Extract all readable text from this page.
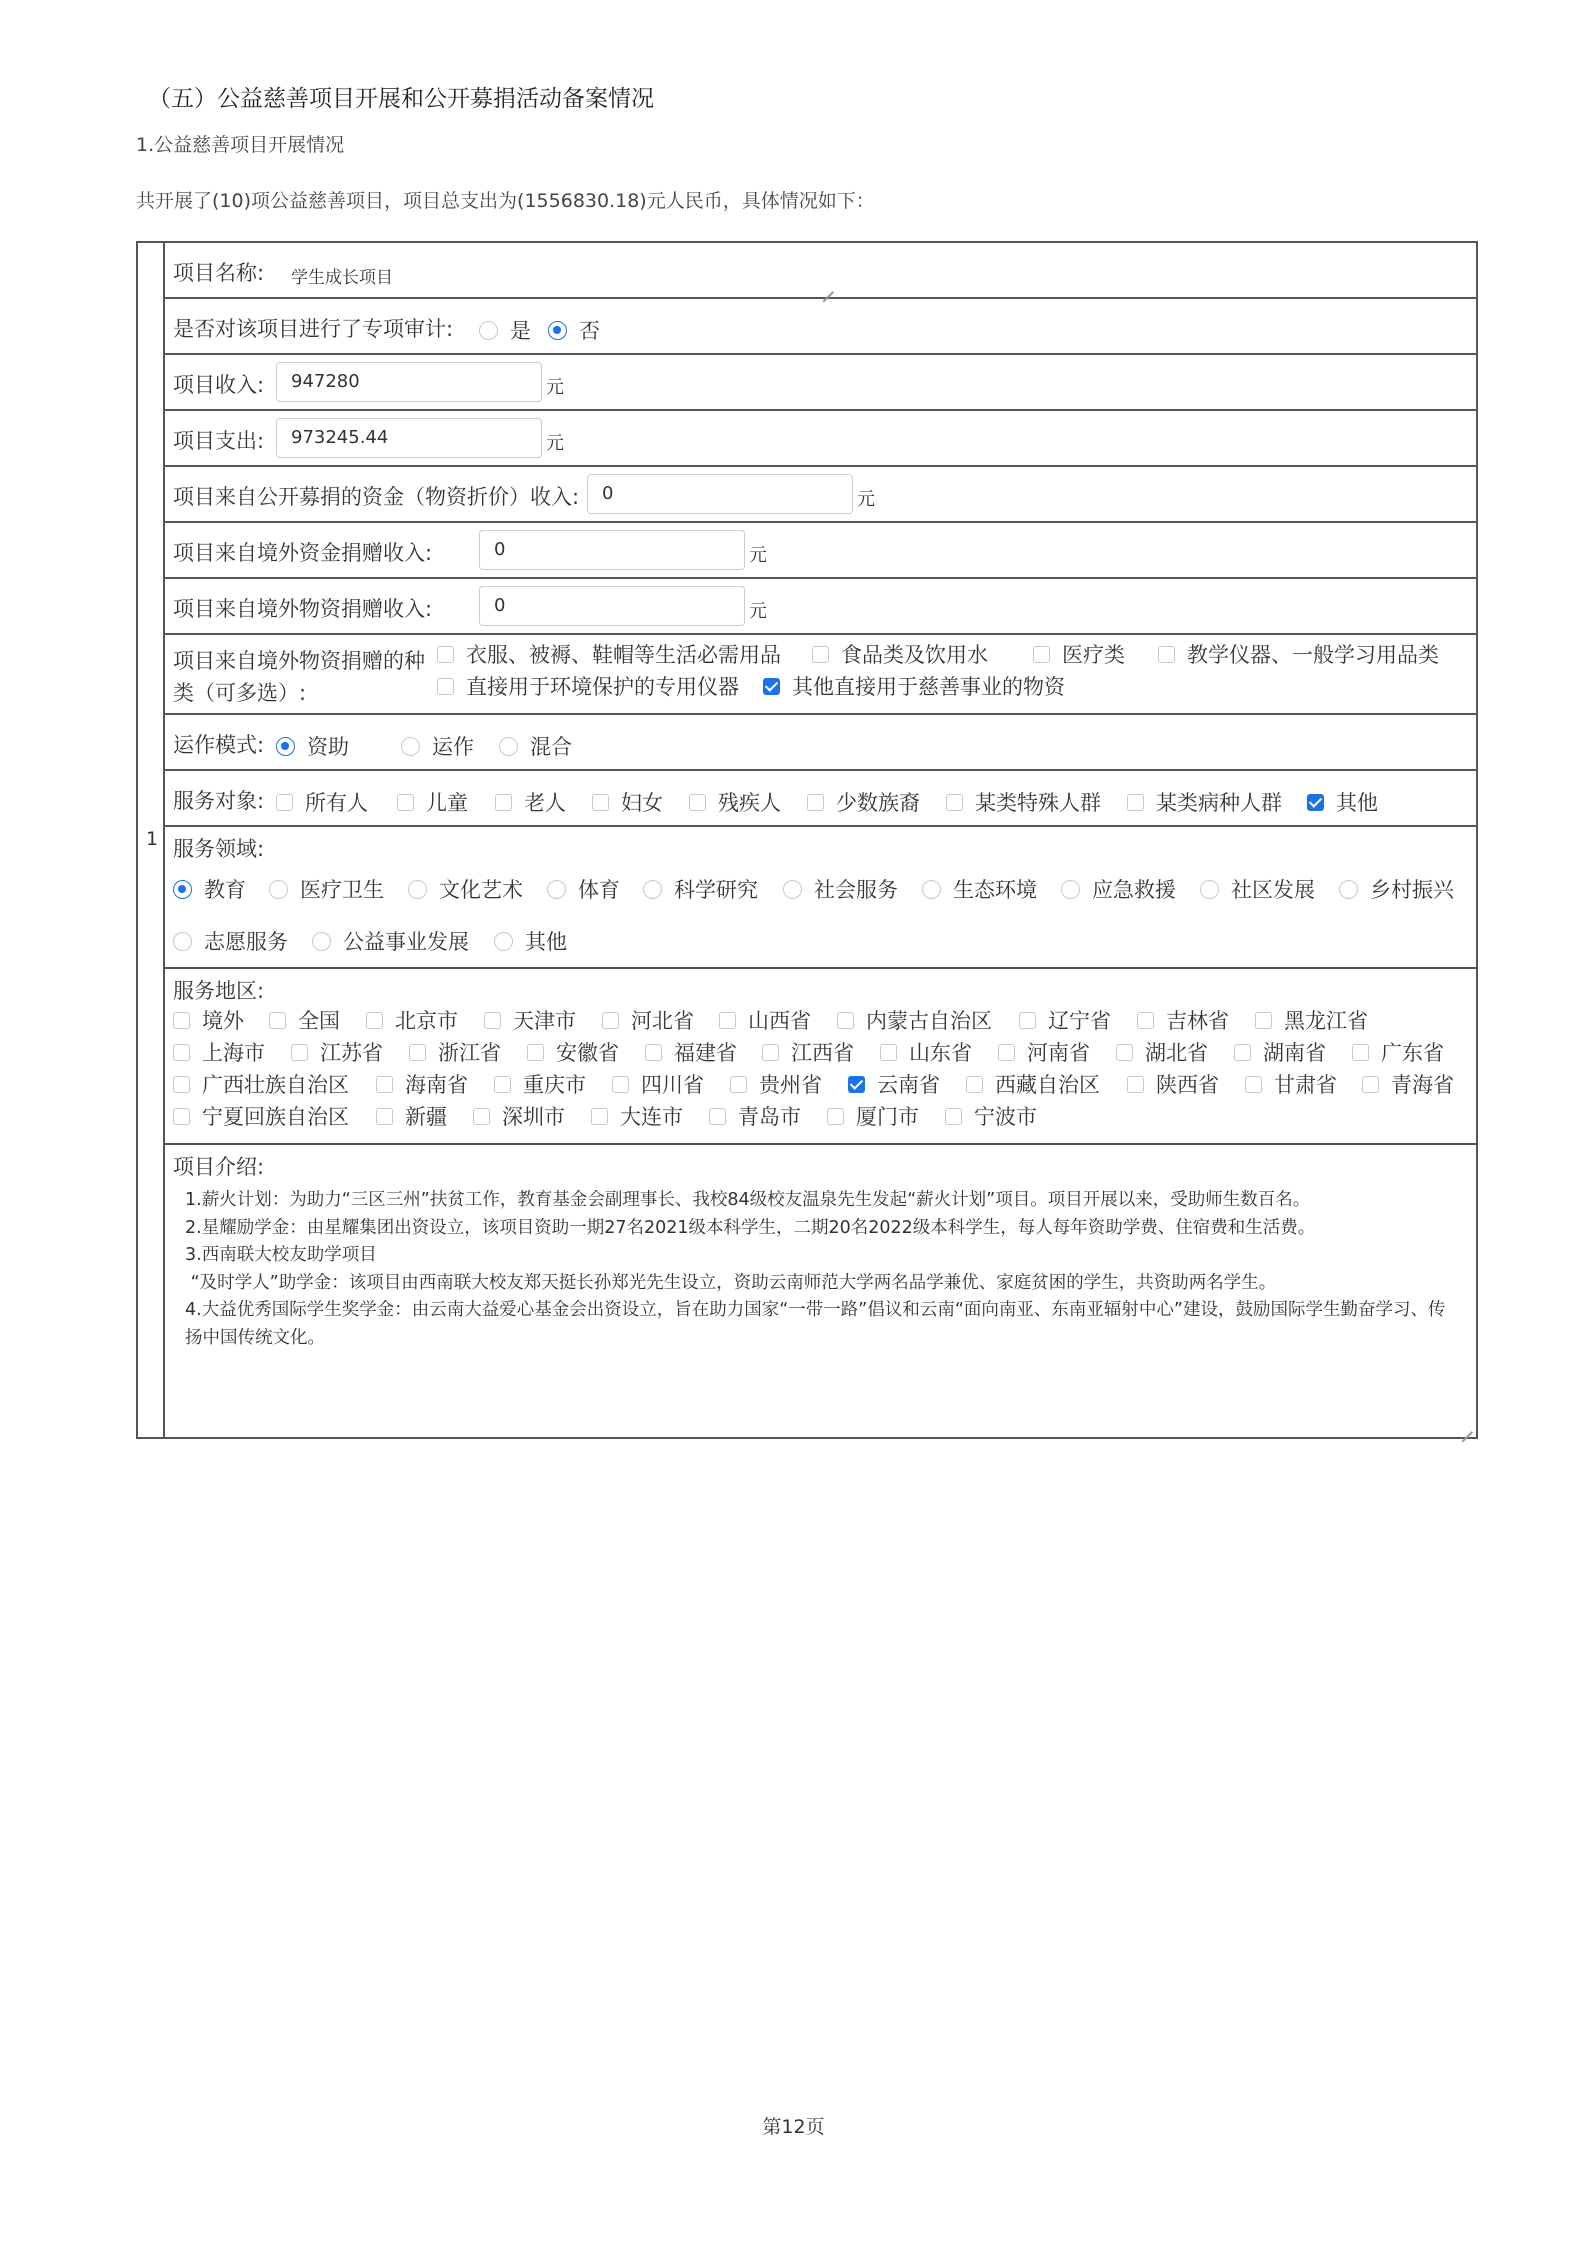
（五）公益慈善项目开展和公开募捐活动备案情况
1.公益慈善项目开展情况
共开展了(10)项公益慈善项目，项目总支出为(1556830.18)元人民币，具体情况如下：
1
项目名称: 学生成长项目
是否对该项目进行了专项审计:	是 否
项目收入:	947280	元
项目支出:	973245.44	元
项目来自公开募捐的资金（物资折价）收入:	0	元
项目来自境外资金捐赠收入:	0	元
项目来自境外物资捐赠收入:	0	元
项目来自境外物资捐赠的种
类（可多选）:
衣服、被褥、鞋帽等生活必需用品	食品类及饮用水	医疗类	教学仪器、一般学习用品类
直接用于环境保护的专用仪器	其他直接用于慈善事业的物资
运作模式: 资助	运作	混合
服务对象: 所有人	儿童	老人	妇女	残疾人	少数族裔	某类特殊人群	某类病种人群	其他
服务领域:
教育	医疗卫生	文化艺术	体育	科学研究	社会服务	生态环境	应急救援	社区发展	乡村振兴
志愿服务	公益事业发展	其他
服务地区:
境外	全国	北京市	天津市	河北省	山西省	内蒙古自治区	辽宁省	吉林省	黑龙江省
上海市	江苏省	浙江省	安徽省	福建省	江西省	山东省	河南省	湖北省	湖南省	广东省
广西壮族自治区	海南省	重庆市	四川省	贵州省	云南省	西藏自治区	陕西省	甘肃省	青海省
宁夏回族自治区	新疆	深圳市	大连市	青岛市	厦门市	宁波市
项目介绍:
1.薪火计划：为助力“三区三州”扶贫工作，教育基金会副理事长、我校84级校友温泉先生发起“薪火计划”项目。项目开展以来，受助师生数百名。
2.星耀励学金：由星耀集团出资设立，该项目资助一期27名2021级本科学生，二期20名2022级本科学生，每人每年资助学费、住宿费和生活费。
3.西南联大校友助学项目
“及时学人”助学金：该项目由西南联大校友郑天挺长孙郑光先生设立，资助云南师范大学两名品学兼优、家庭贫困的学生，共资助两名学生。
4.大益优秀国际学生奖学金：由云南大益爱心基金会出资设立，旨在助力国家“一带一路”倡议和云南“面向南亚、东南亚辐射中心”建设，鼓励国际学生勤奋学习、传扬中国传统文化。
第12页
